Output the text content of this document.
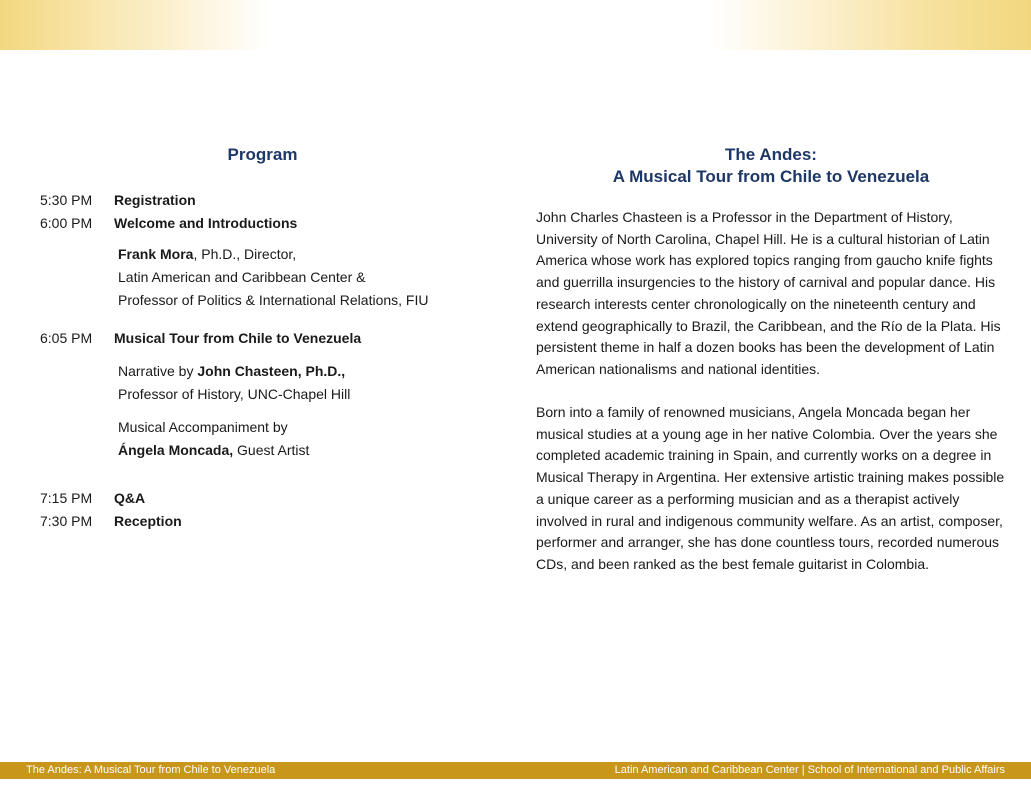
Program
5:30 PM	Registration
6:00 PM	Welcome and Introductions
Frank Mora, Ph.D., Director,
Latin American and Caribbean Center &
Professor of Politics & International Relations, FIU
6:05 PM	Musical Tour from Chile to Venezuela
Narrative by John Chasteen, Ph.D.,
Professor of History, UNC-Chapel Hill
Musical Accompaniment by
Ángela Moncada, Guest Artist
7:15 PM	Q&A
7:30 PM	Reception
The Andes:
A Musical Tour from Chile to Venezuela
John Charles Chasteen is a Professor in the Department of History, University of North Carolina, Chapel Hill. He is a cultural historian of Latin America whose work has explored topics ranging from gaucho knife fights and guerrilla insurgencies to the history of carnival and popular dance. His research interests center chronologically on the nineteenth century and extend geographically to Brazil, the Caribbean, and the Río de la Plata. His persistent theme in half a dozen books has been the development of Latin American nationalisms and national identities.
Born into a family of renowned musicians, Angela Moncada began her musical studies at a young age in her native Colombia. Over the years she completed academic training in Spain, and currently works on a degree in Musical Therapy in Argentina. Her extensive artistic training makes possible a unique career as a performing musician and as a therapist actively involved in rural and indigenous community welfare. As an artist, composer, performer and arranger, she has done countless tours, recorded numerous CDs, and been ranked as the best female guitarist in Colombia.
The Andes: A Musical Tour from Chile to Venezuela	Latin American and Caribbean Center | School of International and Public Affairs
